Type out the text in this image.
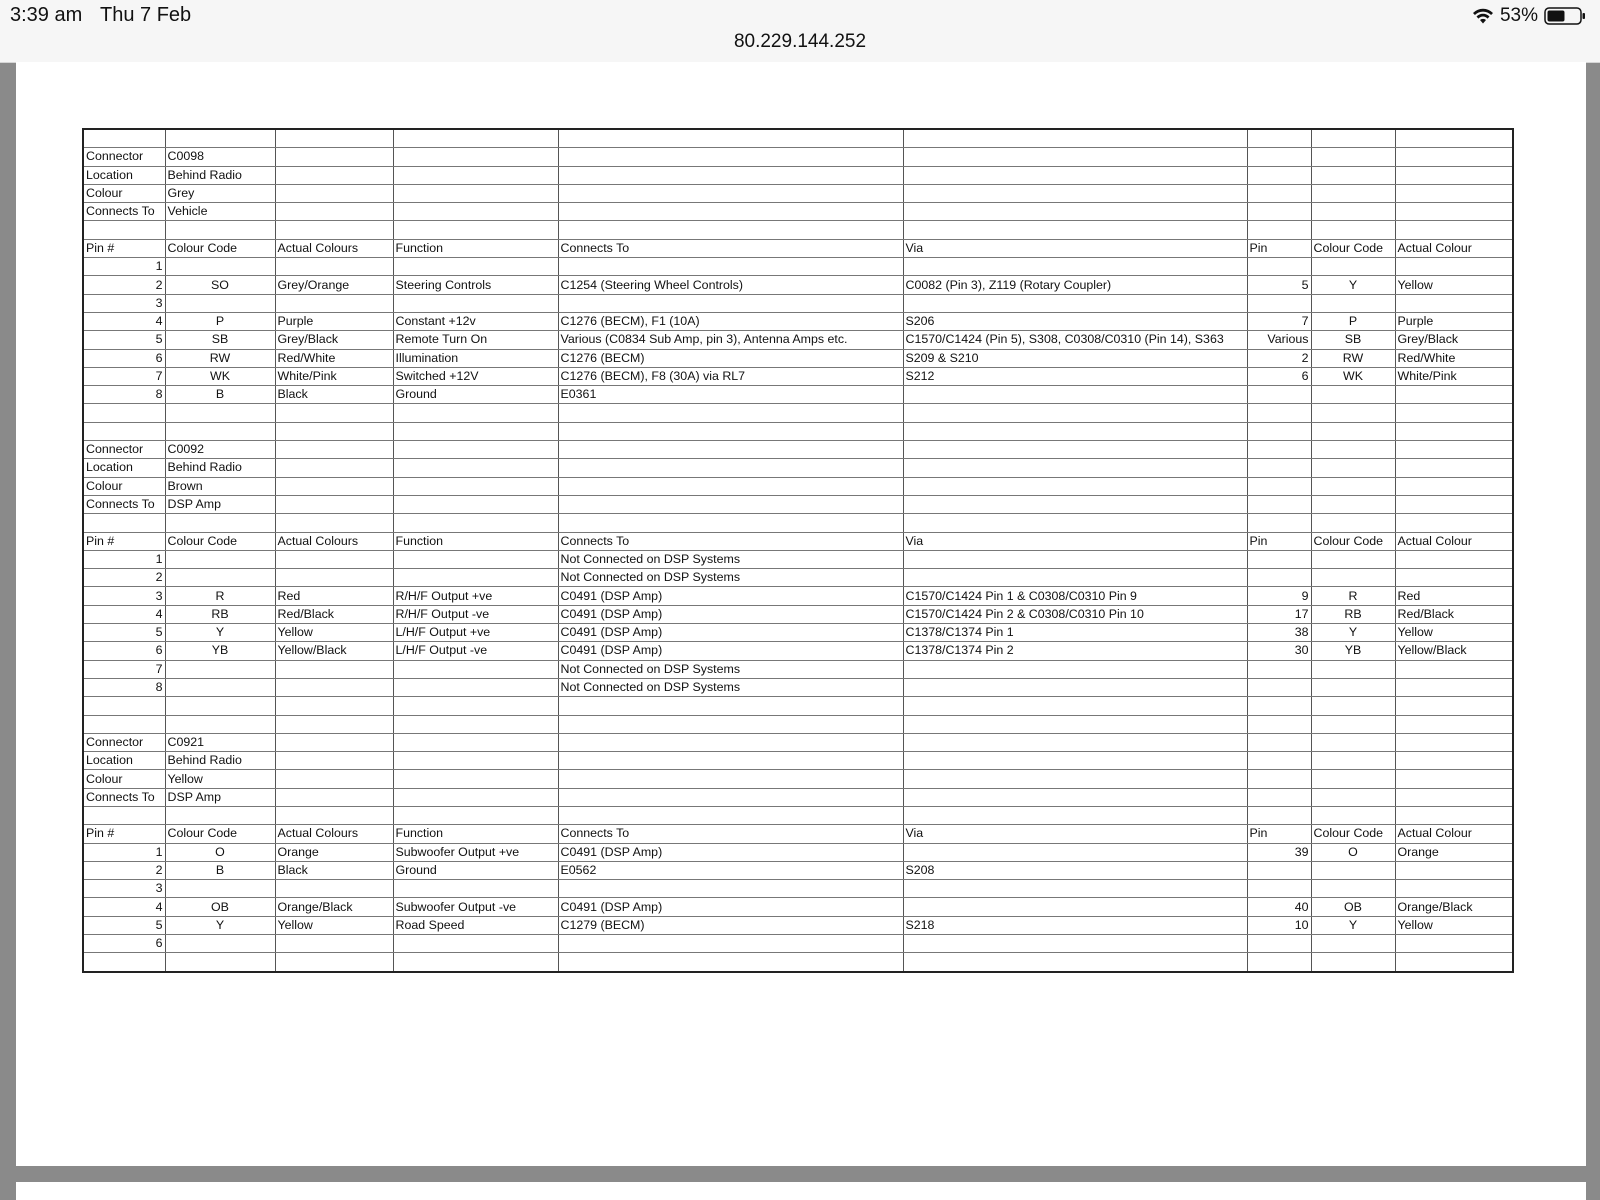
3:39 am Thu 7 Feb
80.229.144.252
53%

Connector	C0098							
Location	Behind Radio							
Colour	Grey							
Connects To	Vehicle							

Pin #	Colour Code	Actual Colours	Function	Connects To	Via	Pin	Colour Code	Actual Colour
1								
2	SO	Grey/Orange	Steering Controls	C1254 (Steering Wheel Controls)	C0082 (Pin 3), Z119 (Rotary Coupler)	5	Y	Yellow
3								
4	P	Purple	Constant +12v	C1276 (BECM), F1 (10A)	S206	7	P	Purple
5	SB	Grey/Black	Remote Turn On	Various (C0834 Sub Amp, pin 3), Antenna Amps etc.	C1570/C1424 (Pin 5), S308, C0308/C0310 (Pin 14), S363	Various	SB	Grey/Black
6	RW	Red/White	Illumination	C1276 (BECM)	S209 & S210	2	RW	Red/White
7	WK	White/Pink	Switched +12V	C1276 (BECM), F8 (30A) via RL7	S212	6	WK	White/Pink
8	B	Black	Ground	E0361				

Connector	C0092							
Location	Behind Radio							
Colour	Brown							
Connects To	DSP Amp							

Pin #	Colour Code	Actual Colours	Function	Connects To	Via	Pin	Colour Code	Actual Colour
1				Not Connected on DSP Systems				
2				Not Connected on DSP Systems				
3	R	Red	R/H/F Output +ve	C0491 (DSP Amp)	C1570/C1424 Pin 1 & C0308/C0310 Pin 9	9	R	Red
4	RB	Red/Black	R/H/F Output -ve	C0491 (DSP Amp)	C1570/C1424 Pin 2 & C0308/C0310 Pin 10	17	RB	Red/Black
5	Y	Yellow	L/H/F Output +ve	C0491 (DSP Amp)	C1378/C1374 Pin 1	38	Y	Yellow
6	YB	Yellow/Black	L/H/F Output -ve	C0491 (DSP Amp)	C1378/C1374 Pin 2	30	YB	Yellow/Black
7				Not Connected on DSP Systems				
8				Not Connected on DSP Systems				

Connector	C0921							
Location	Behind Radio							
Colour	Yellow							
Connects To	DSP Amp							

Pin #	Colour Code	Actual Colours	Function	Connects To	Via	Pin	Colour Code	Actual Colour
1	O	Orange	Subwoofer Output +ve	C0491 (DSP Amp)		39	O	Orange
2	B	Black	Ground	E0562	S208			
3								
4	OB	Orange/Black	Subwoofer Output -ve	C0491 (DSP Amp)		40	OB	Orange/Black
5	Y	Yellow	Road Speed	C1279 (BECM)	S218	10	Y	Yellow
6								
